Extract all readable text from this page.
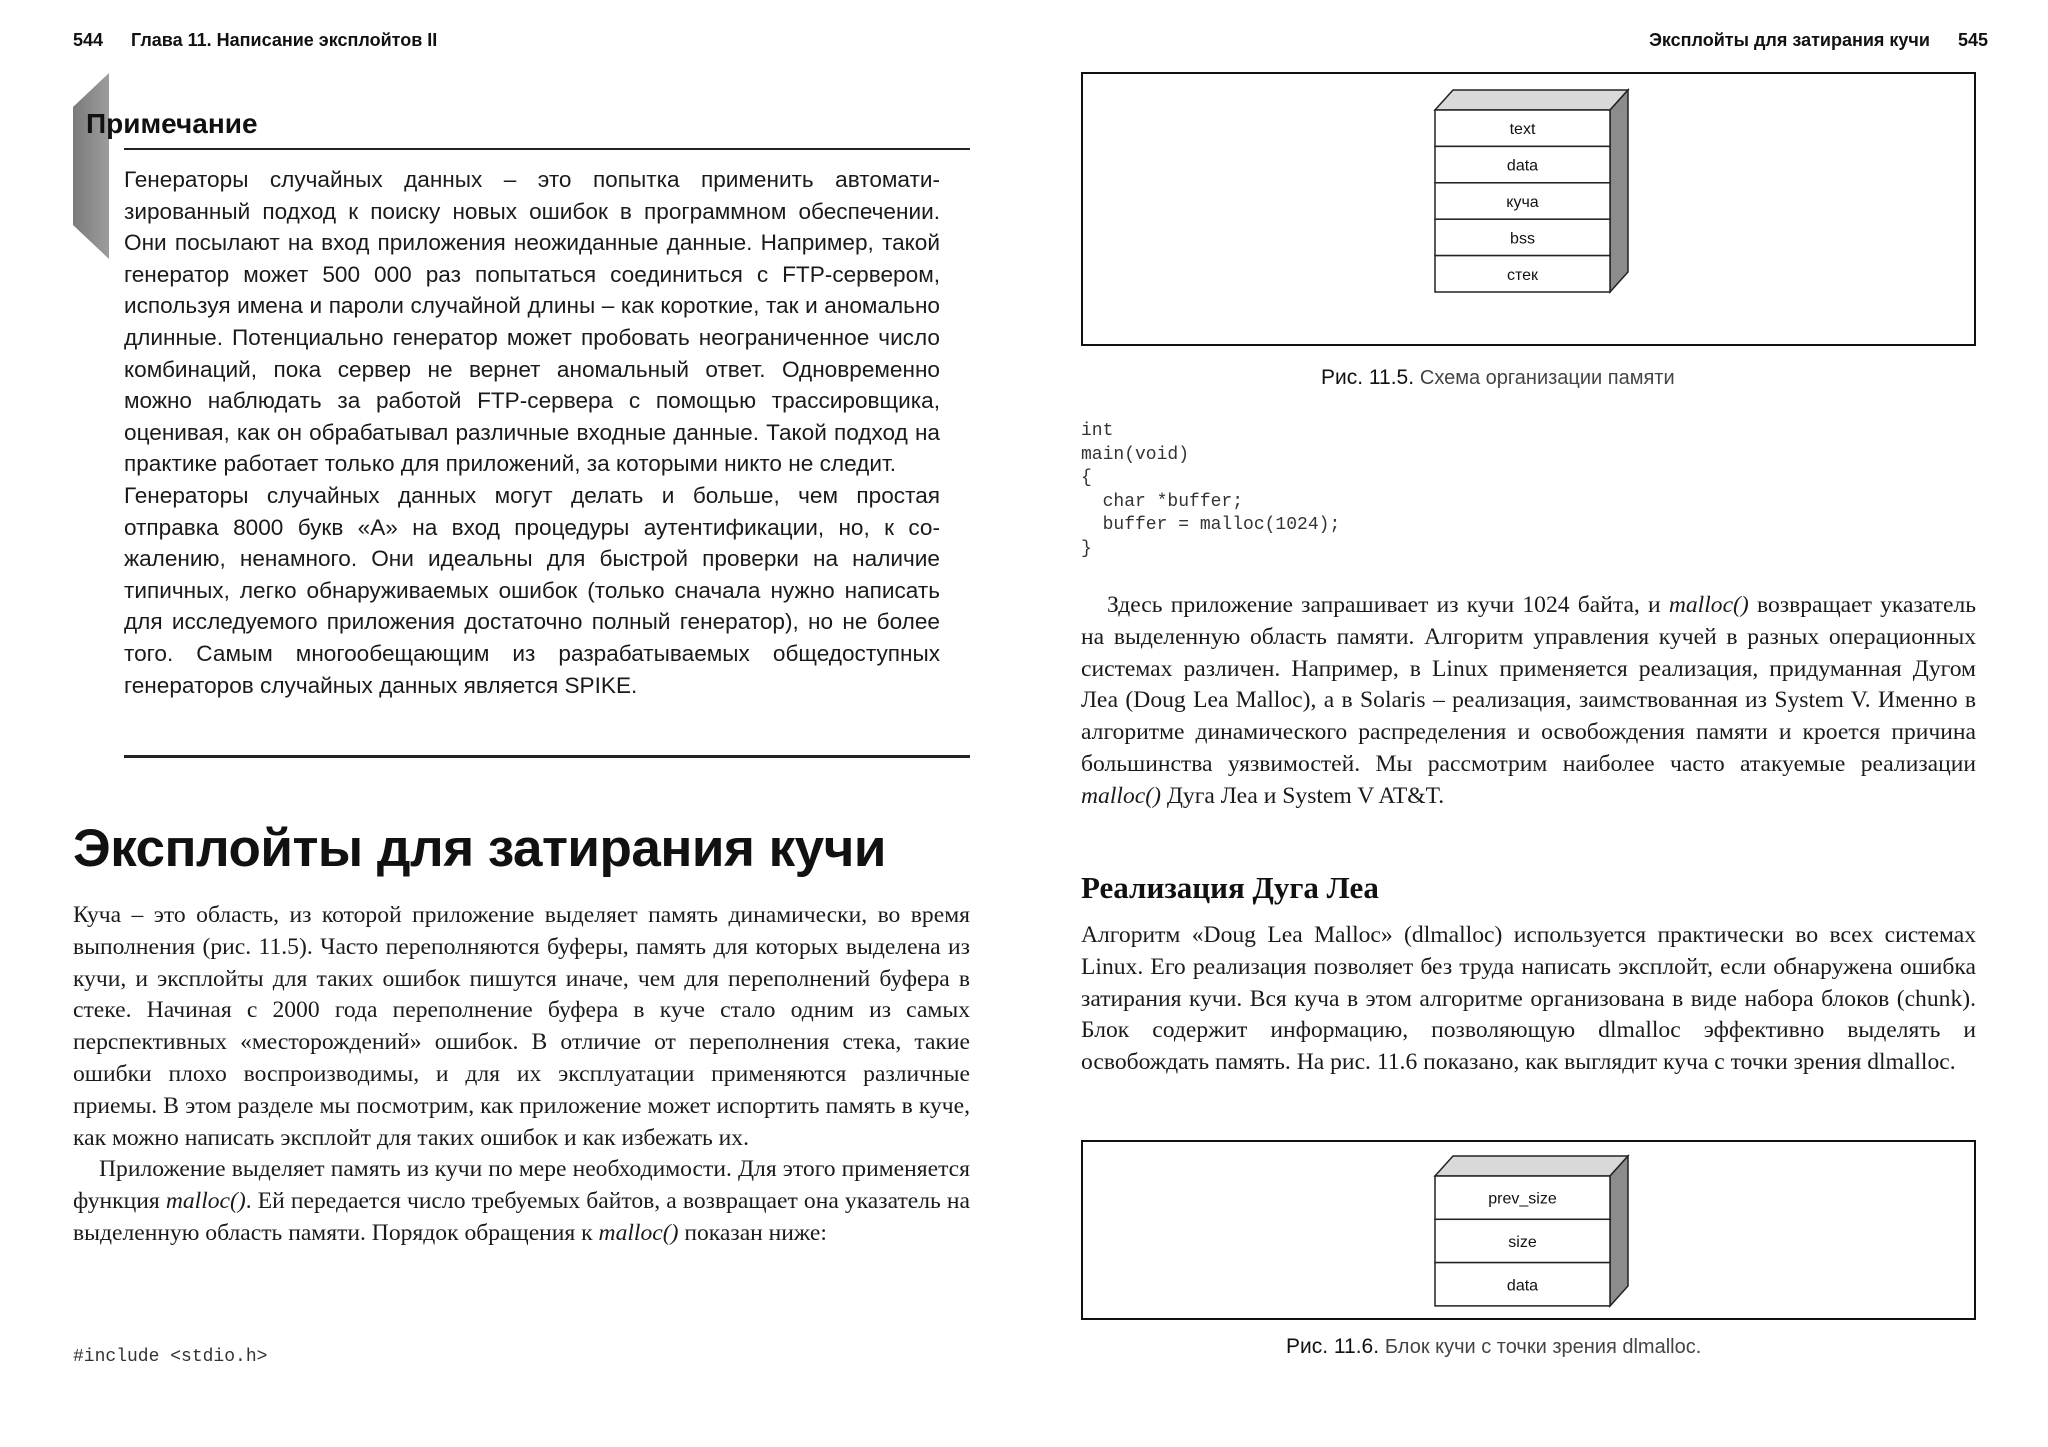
544 Глава 11. Написание эксплойтов II
Примечание

Генераторы случайных данных – это попытка применить автоматизированный подход к поиску новых ошибок в программном обеспечении. Они посылают на вход приложения неожиданные данные. Например, такой генератор может 500 000 раз попытаться соединиться с FTP-сервером, используя имена и пароли случайной длины – как короткие, так и аномально длинные. Потенциально генератор может пробовать неограниченное число комбинаций, пока сервер не вернет аномальный ответ. Одновременно можно наблюдать за работой FTP-сервера с помощью трассировщика, оценивая, как он обрабатывал различные входные данные. Такой подход на практике работает только для приложений, за которыми никто не следит.

Генераторы случайных данных могут делать и больше, чем простая отправка 8000 букв «А» на вход процедуры аутентификации, но, к сожалению, ненамного. Они идеальны для быстрой проверки на наличие типичных, легко обнаруживаемых ошибок (только сначала нужно написать для исследуемого приложения достаточно полный генератор), но не более того. Самым многообещающим из разрабатываемых общедоступных генераторов случайных данных является SPIKE.

Эксплойты для затирания кучи

Куча – это область, из которой приложение выделяет память динамически, во время выполнения (рис. 11.5). Часто переполняются буферы, память для которых выделена из кучи, и эксплойты для таких ошибок пишутся иначе, чем для переполнений буфера в стеке. Начиная с 2000 года переполнение буфера в куче стало одним из самых перспективных «месторождений» ошибок. В отличие от переполнения стека, такие ошибки плохо воспроизводимы, и для их эксплуатации применяются различные приемы. В этом разделе мы посмотрим, как приложение может испортить память в куче, как можно написать эксплойт для таких ошибок и как избежать их.

Приложение выделяет память из кучи по мере необходимости. Для этого применяется функция malloc(). Ей передается число требуемых байтов, а возвращает она указатель на выделенную область памяти. Порядок обращения к malloc() показан ниже:

#include <stdio.h>
Эксплойты для затирания кучи 545
text
data
куча
bss
стек
Рис. 11.5. Схема организации памяти
int
main(void)
{
char *buffer;
buffer = malloc(1024);
}

Здесь приложение запрашивает из кучи 1024 байта, и malloc() возвращает указатель на выделенную область памяти. Алгоритм управления кучей в разных операционных системах различен. Например, в Linux применяется реализация, придуманная Дугом Леа (Doug Lea Malloc), а в Solaris – реализация, заимствованная из System V. Именно в алгоритме динамического распределения и освобождения памяти и кроется причина большинства уязвимостей. Мы рассмотрим наиболее часто атакуемые реализации malloc() Дуга Леа и System V AT&T.

Реализация Дуга Леа

Алгоритм «Doug Lea Malloc» (dlmalloc) используется практически во всех системах Linux. Его реализация позволяет без труда написать эксплойт, если обнаружена ошибка затирания кучи. Вся куча в этом алгоритме организована в виде набора блоков (chunk). Блок содержит информацию, позволяющую dlmalloc эффективно выделять и освобождать память. На рис. 11.6 показано, как выглядит куча с точки зрения dlmalloc.

prev_size
size
data
Рис. 11.6. Блок кучи с точки зрения dlmalloc.
